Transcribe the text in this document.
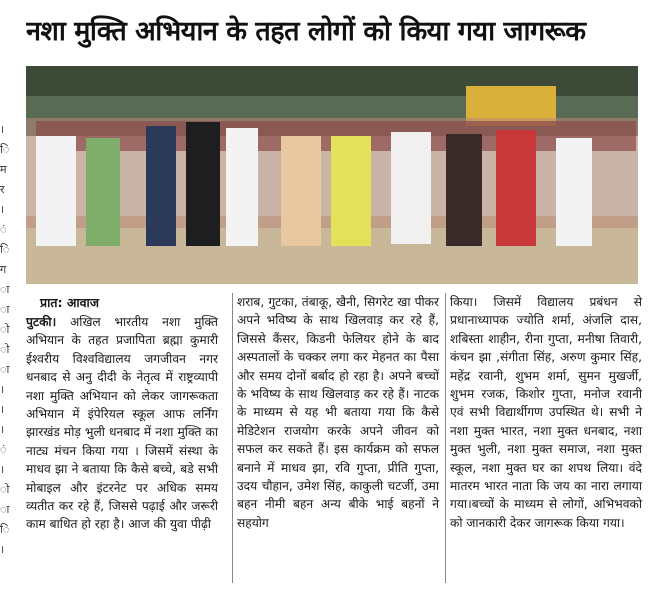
नशा मुक्ति अभियान के तहत लोगों को किया गया जागरूक
।
ि
म
र
।
ं
ि
ग
ा
ा
ो
ो
ा
।
।
।
ं
।
ो
ा
ि
।
प्रात: आवाज
पुटकी। अखिल भारतीय नशा मुक्ति अभियान के तहत प्रजापिता ब्रह्मा कुमारी ईश्वरीय विश्वविद्यालय जगजीवन नगर धनबाद से अनु दीदी के नेतृत्व में राष्ट्रव्यापी नशा मुक्ति अभियान को लेकर जागरूकता अभियान में इंपेरियल स्कूल आफ लर्निंग झारखंड मोड़ भुली धनबाद में नशा मुक्ति का नाट्य मंचन किया गया । जिसमें संस्था के माधव झा ने बताया कि कैसे बच्चे, बडे सभी मोबाइल और इंटरनेट पर अधिक समय व्यतीत कर रहे हैं, जिससे पढ़ाई और जरूरी काम बाधित हो रहा है। आज की युवा पीढ़ी
शराब, गुटका, तंबाकू, खैनी, सिगरेट खा पीकर अपने भविष्य के साथ खिलवाड़ कर रहे हैं, जिससे कैंसर, किडनी फेलियर होने के बाद अस्पतालों के चक्कर लगा कर मेहनत का पैसा और समय दोनों बर्बाद हो रहा है। अपने बच्चों के भविष्य के साथ खिलवाड़ कर रहे हैं। नाटक के माध्यम से यह भी बताया गया कि कैसे मेडिटेशन राजयोग करके अपने जीवन को सफल कर सकते हैं। इस कार्यक्रम को सफल बनाने में माधव झा, रवि गुप्ता, प्रीति गुप्ता, उदय चौहान, उमेश सिंह, काकुली चटर्जी, उमा बहन नीमी बहन अन्य बीके भाई बहनों ने सहयोग
किया। जिसमें विद्यालय प्रबंधन से प्रधानाध्यापक ज्योति शर्मा, अंजलि दास, शबिस्ता शाहीन, रीना गुप्ता, मनीषा तिवारी, कंचन झा ,संगीता सिंह, अरुण कुमार सिंह, महेंद्र रवानी, शुभम शर्मा, सुमन मुखर्जी, शुभम रजक, किशोर गुप्ता, मनोज रवानी एवं सभी विद्यार्थीगण उपस्थित थे। सभी ने नशा मुक्त भारत, नशा मुक्त धनबाद, नशा मुक्त भुली, नशा मुक्त समाज, नशा मुक्त स्कूल, नशा मुक्त घर का शपथ लिया। वंदे मातरम भारत नाता कि जय का नारा लगाया गया।बच्चों के माध्यम से लोगों, अभिभवको को जानकारी देकर जागरूक किया गया।
